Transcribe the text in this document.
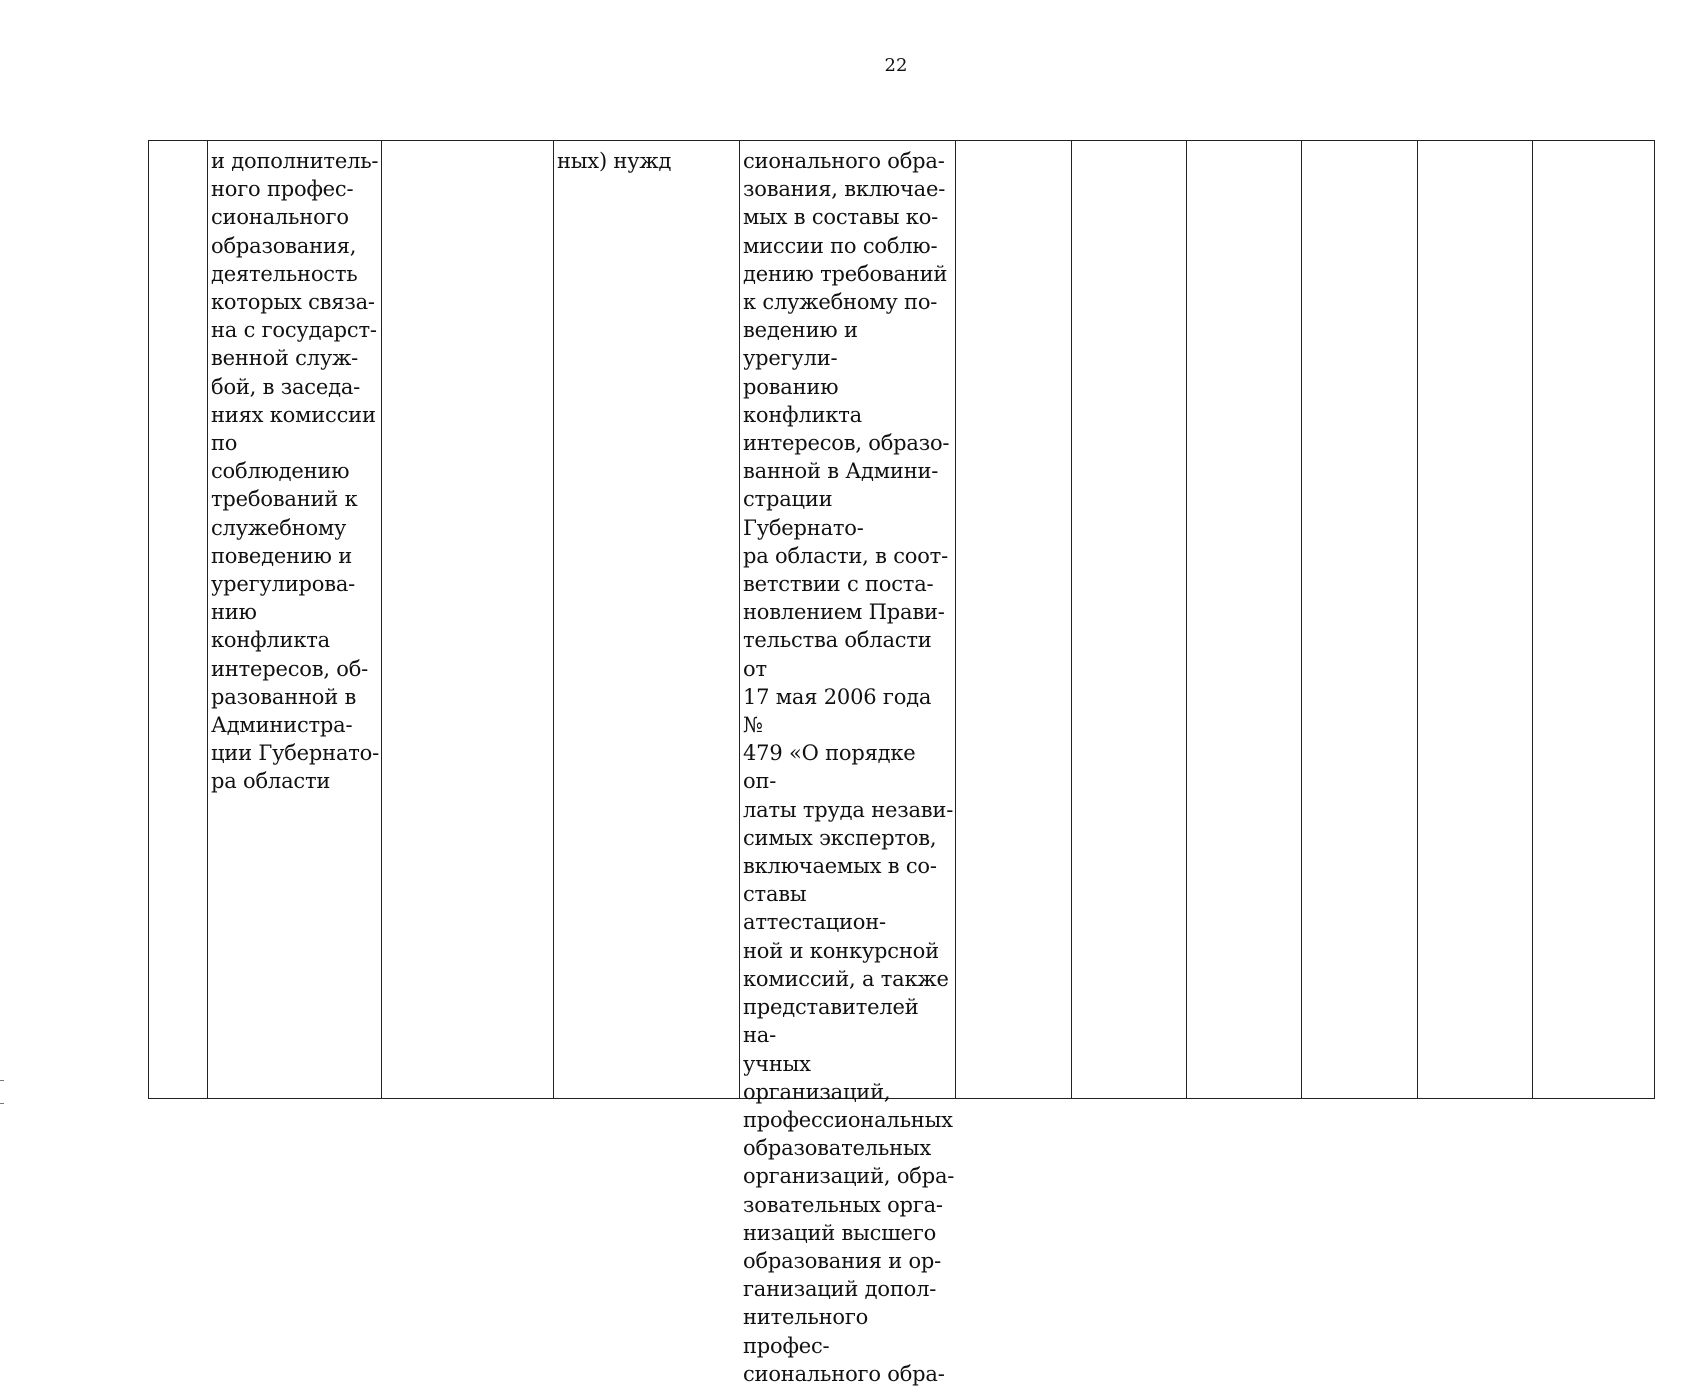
22
и дополнитель-
ного профес-
сионального
образования,
деятельность
которых связа-
на с государст-
венной служ-
бой, в заседа-
ниях комиссии
по соблюдению
требований к
служебному
поведению и
урегулирова-
нию конфликта
интересов, об-
разованной в
Администра-
ции Губернато-
ра области
ных) нужд	сионального обра-
зования, включае-
мых в составы ко-
миссии по соблю-
дению требований
к служебному по-
ведению и урегули-
рованию конфликта
интересов, образо-
ванной в Админи-
страции Губернато-
ра области, в соот-
ветствии с поста-
новлением Прави-
тельства области от
17 мая 2006 года №
479 «О порядке оп-
латы труда незави-
симых экспертов,
включаемых в со-
ставы аттестацион-
ной и конкурсной
комиссий, а также
представителей на-
учных организаций,
профессиональных
образовательных
организаций, обра-
зовательных орга-
низаций высшего
образования и ор-
ганизаций допол-
нительного профес-
сионального обра-
